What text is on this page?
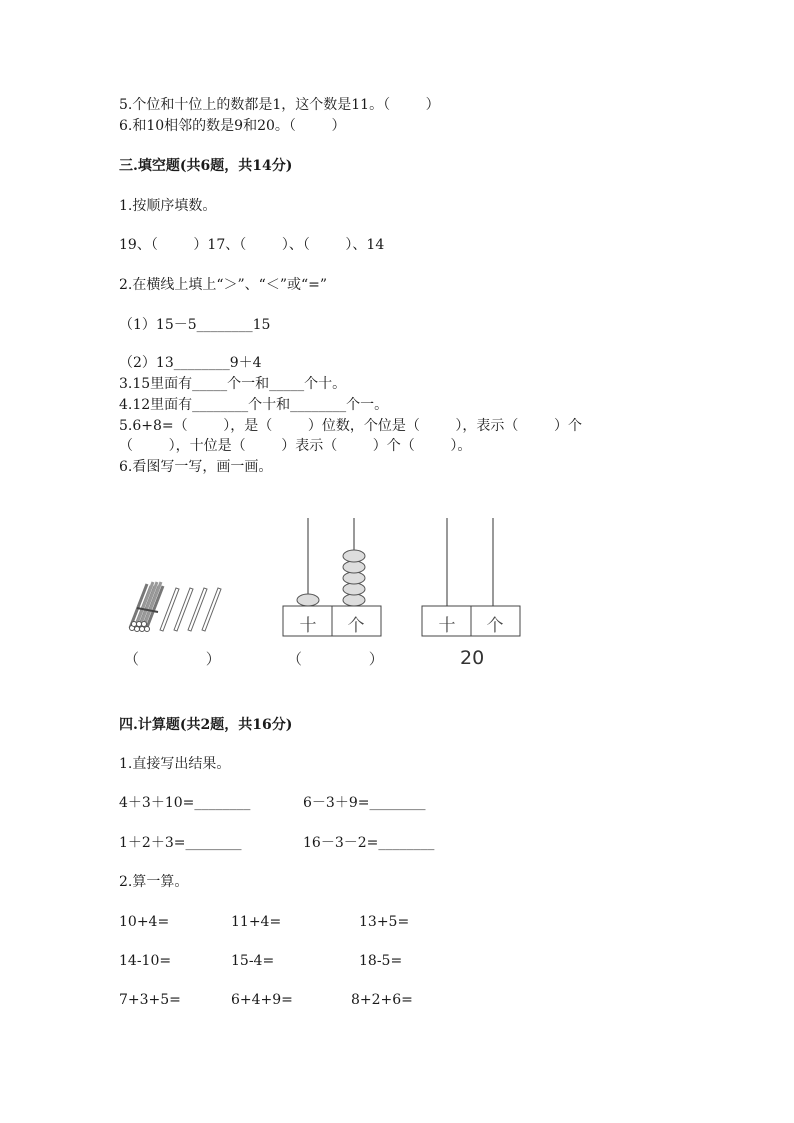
5.个位和十位上的数都是1，这个数是11。（        ）
6.和10相邻的数是9和20。（        ）
三.填空题(共6题，共14分)
1.按顺序填数。
19、（        ）17、（        ）、（        ）、14
2.在横线上填上“＞”、“＜”或“=”
（1）15－5________15
（2）13________9＋4
3.15里面有_____个一和_____个十。
4.12里面有________个十和________个一。
5.6+8=（        ），是（        ）位数，个位是（        ），表示（        ）个
（        ），十位是（        ）表示（        ）个（        ）。
6.看图写一写，画一画。
十	个	十	个
（              ）	（              ）	20
四.计算题(共2题，共16分)
1.直接写出结果。
4＋3＋10=________	6－3＋9=________
1＋2＋3=________	16－3－2=________
2.算一算。
10+4=	11+4=	13+5=
14-10=	15-4=	18-5=
7+3+5=	6+4+9=	8+2+6=
